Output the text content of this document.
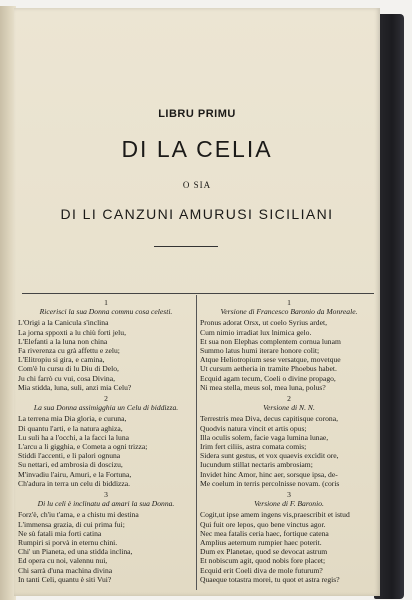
LIBRU PRIMU
DI LA CELIA
O SIA
DI LI CANZUNI AMURUSI SICILIANI
1
Ricerisci la sua Donna commu cosa celesti.
L'Origi a la Canicula s'inclina
La jorna sppoxti a lu chiù forti jelu,
L'Elefanti a la luna non china
Fa riverenza cu grà affettu e zelu;
L'Elitropiu si gira, e camina,
Com'è lu cursu di lu Diu di Delo,
Ju chi farrò cu vui, cosa Divina,
Mia stidda, luna, suli, anzi mia Celu?
2
La sua Donna assimigghia un Celu di biddizza.
La terrena mia Dia gloria, e curuna,
Di quantu l'arti, e la natura aghiza,
Lu suli ha a l'occhi, a la facci la luna
L'arcu a li gigghia, e Cometa a ogni trizza;
Stiddi l'accenti, e li palori ognuna
Su nettari, ed ambrosia di doscizu,
M'invadiu l'airu, Amuri, e la Fortuna,
Ch'adura in terra un celu di biddizza.
3
Di lu celi è inclinatu ad amari la sua Donna.
Forz'è, ch'iu t'ama, e a chistu mi destina
L'immensa grazia, di cui prima fui;
Ne sù fatali mia forti catina
Rumpiri si porvà in eternu chini.
Chi' un Pianeta, ed una stidda inclina,
Ed opera cu noi, valennu nui,
Chi sarrà d'una machina divina
In tanti Celi, quantu è siti Vui?
1
Versione di Francesco Baronio da Monreale.
Pronus adorat Orsx, ut coelo Syrius ardet,
Cum nimio irradiat lux lnimica gelo.
Et sua non Elephas complentem cornua lunam
Summo latus humi iterare honore colit;
Atque Heliotropium sese versatque, movetque
Ut cursum aetheria in tramite Phoebus habet.
Ecquid agam tecum, Coeli o divine propago,
Ni mea stella, meus sol, mea luna, polus?
2
Versione di N. N.
Terrestris mea Diva, decus capitisque corona,
Quodvis natura vincit et artis opus;
Illa oculis solem, facie vaga lumina lunae,
Irim fert ciliis, astra comata comis;
Sidera sunt gestus, et vox quaevis excidit ore,
Iucundum stillat nectaris ambrosiam;
Invidet hinc Amor, hinc aer, sorsque ipsa, de-
Me coelum in terris percolnisse novam. (coris
3
Versione di F. Baronio.
Cogit,ut ipse amem ingens vis,praescribit et istud
Qui fuit ore lepos, quo bene vinctus agor.
Nec mea fatalis ceria haec, fortique catena
Amplius aeternum rumpier haec poterit.
Dum ex Planetae, quod se devocat astrum
Et nobiscum agit, quod nobis fore placet;
Ecquid erit Coeli diva de mole futurum?
Quaeque totastra morei, tu quot et astra regis?
